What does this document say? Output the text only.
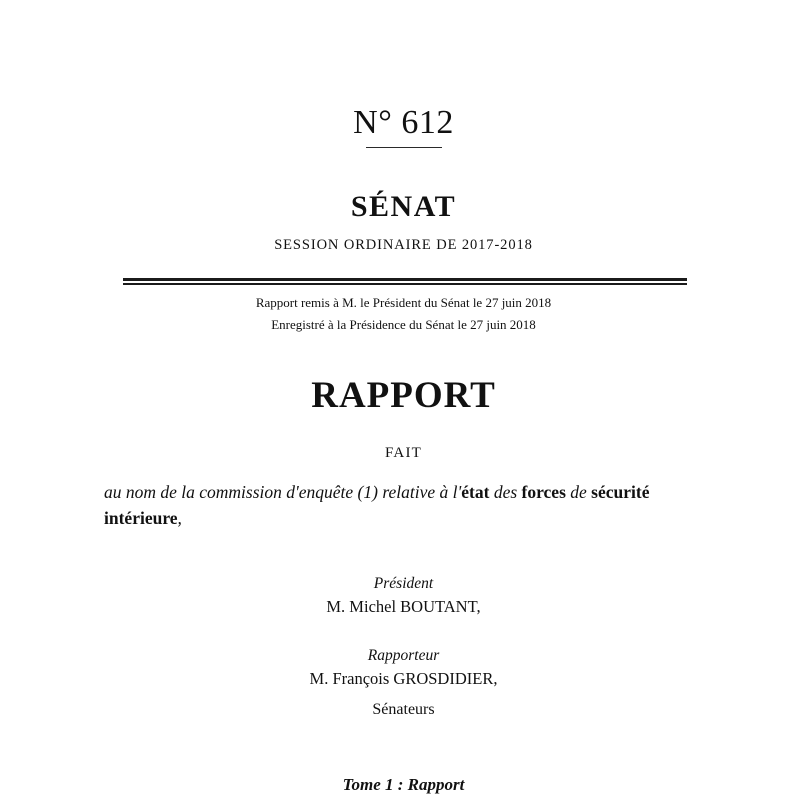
N° 612
SÉNAT
SESSION ORDINAIRE DE 2017-2018
Rapport remis à M. le Président du Sénat le 27 juin 2018
Enregistré à la Présidence du Sénat le 27 juin 2018
RAPPORT
FAIT
au nom de la commission d'enquête (1) relative à l'état des forces de sécurité intérieure,
Président
M. Michel BOUTANT,
Rapporteur
M. François GROSDIDIER,
Sénateurs
Tome 1 : Rapport
